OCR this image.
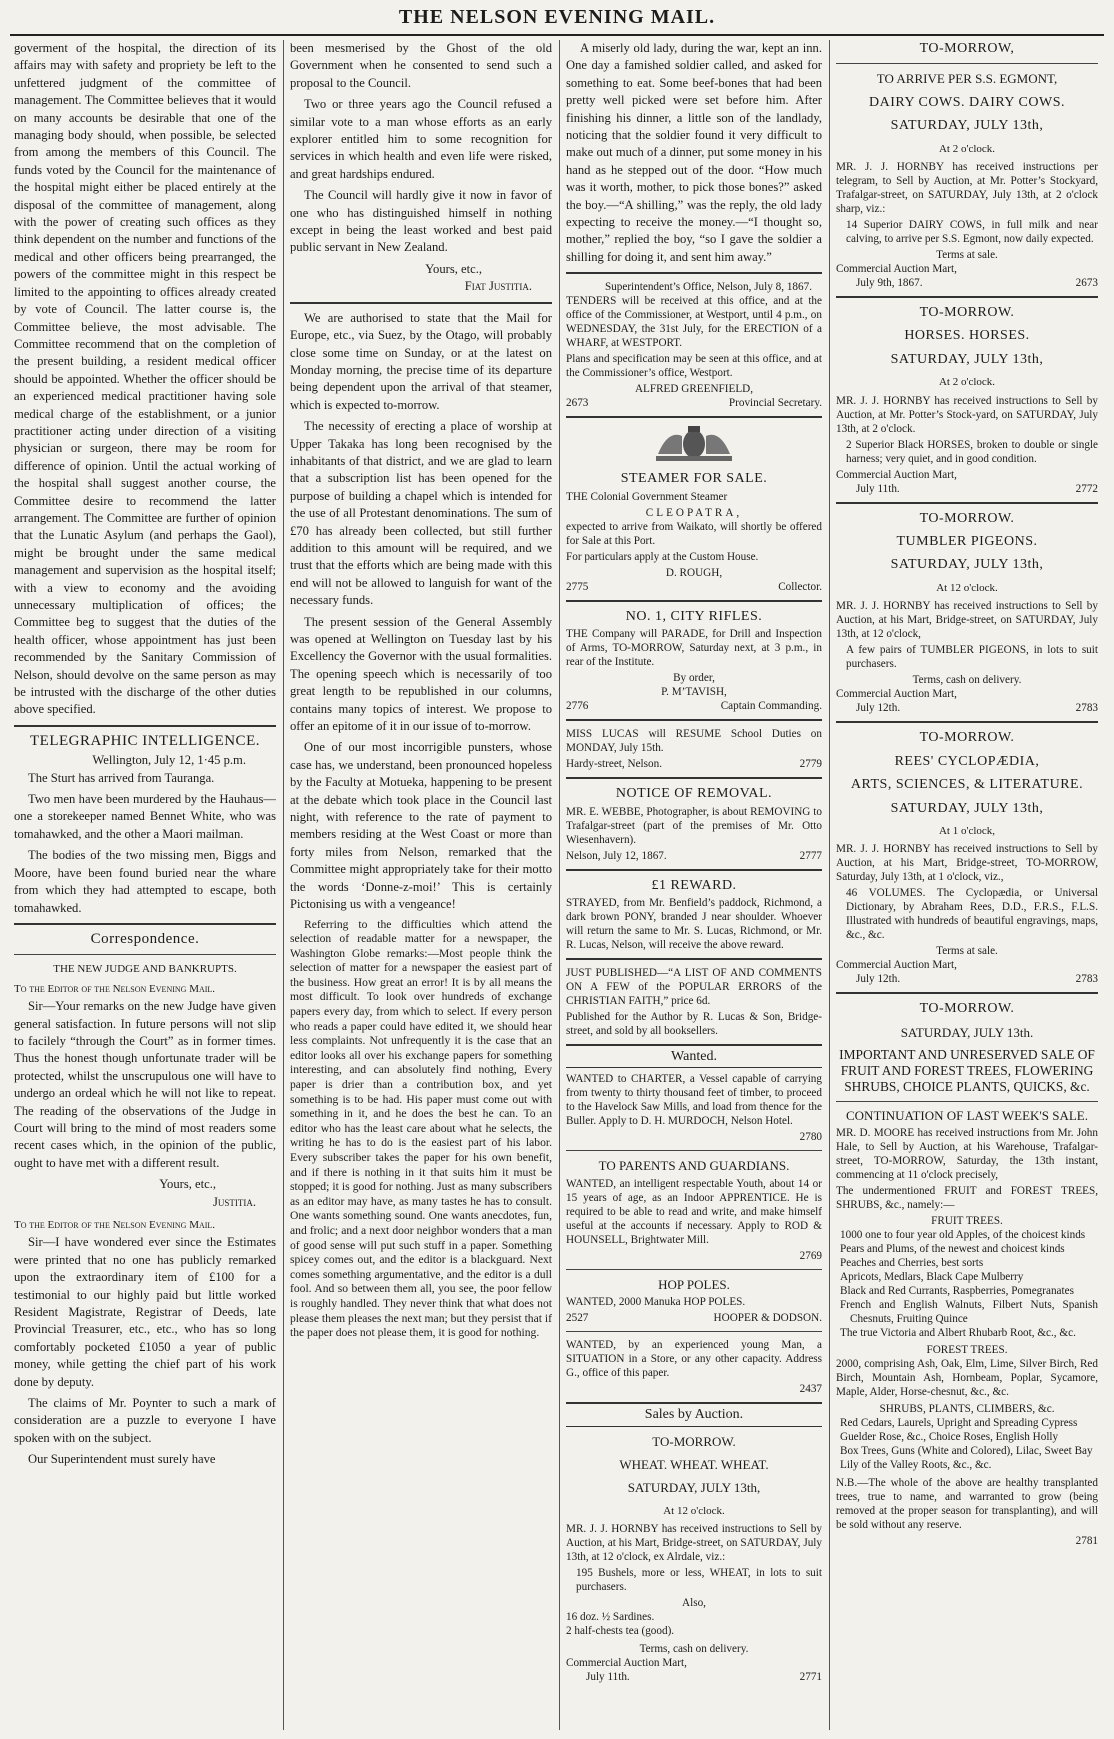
THE NELSON EVENING MAIL.

goverment of the hospital, the direction of its affairs may with safety and propriety be left to the unfettered judgment of the committee of management. The Committee believes that it would on many accounts be desirable that one of the managing body should, when possible, be selected from among the members of this Council. The funds voted by the Council for the maintenance of the hospital might either be placed entirely at the disposal of the committee of management, along with the power of creating such offices as they think dependent on the number and functions of the medical and other officers being prearranged, the powers of the committee might in this respect be limited to the appointing to offices already created by vote of Council. The latter course is, the Committee believe, the most advisable. The Committee recommend that on the completion of the present building, a resident medical officer should be appointed. Whether the officer should be an experienced medical practitioner having sole medical charge of the establishment, or a junior practitioner acting under direction of a visiting physician or surgeon, there may be room for difference of opinion. Until the actual working of the hospital shall suggest another course, the Committee desire to recommend the latter arrangement. The Committee are further of opinion that the Lunatic Asylum (and perhaps the Gaol), might be brought under the same medical management and supervision as the hospital itself; with a view to economy and the avoiding unnecessary multiplication of offices; the Committee beg to suggest that the duties of the health officer, whose appointment has just been recommended by the Sanitary Commission of Nelson, should devolve on the same person as may be intrusted with the discharge of the other duties above specified.

TELEGRAPHIC INTELLIGENCE.
Wellington, July 12, 1·45 p.m.

The Sturt has arrived from Tauranga.

Two men have been murdered by the Hauhaus—one a storekeeper named Bennet White, who was tomahawked, and the other a Maori mailman.

The bodies of the two missing men, Biggs and Moore, have been found buried near the whare from which they had attempted to escape, both tomahawked.

Correspondence.
THE NEW JUDGE AND BANKRUPTS.
To the Editor of the Nelson Evening Mail.

Sir—Your remarks on the new Judge have given general satisfaction. In future persons will not slip to facilely “through the Court” as in former times. Thus the honest though unfortunate trader will be protected, whilst the unscrupulous one will have to undergo an ordeal which he will not like to repeat. The reading of the observations of the Judge in Court will bring to the mind of most readers some recent cases which, in the opinion of the public, ought to have met with a different result.

Yours, etc.,
Justitia.
To the Editor of the Nelson Evening Mail.

Sir—I have wondered ever since the Estimates were printed that no one has publicly remarked upon the extraordinary item of £100 for a testimonial to our highly paid but little worked Resident Magistrate, Registrar of Deeds, late Provincial Treasurer, etc., etc., who has so long comfortably pocketed £1050 a year of public money, while getting the chief part of his work done by deputy.

The claims of Mr. Poynter to such a mark of consideration are a puzzle to everyone I have spoken with on the subject.

Our Superintendent must surely have

been mesmerised by the Ghost of the old Government when he consented to send such a proposal to the Council.

Two or three years ago the Council refused a similar vote to a man whose efforts as an early explorer entitled him to some recognition for services in which health and even life were risked, and great hardships endured.

The Council will hardly give it now in favor of one who has distinguished himself in nothing except in being the least worked and best paid public servant in New Zealand.

Yours, etc.,
Fiat Justitia.

We are authorised to state that the Mail for Europe, etc., via Suez, by the Otago, will probably close some time on Sunday, or at the latest on Monday morning, the precise time of its departure being dependent upon the arrival of that steamer, which is expected to-morrow.

The necessity of erecting a place of worship at Upper Takaka has long been recognised by the inhabitants of that district, and we are glad to learn that a subscription list has been opened for the purpose of building a chapel which is intended for the use of all Protestant denominations. The sum of £70 has already been collected, but still further addition to this amount will be required, and we trust that the efforts which are being made with this end will not be allowed to languish for want of the necessary funds.

The present session of the General Assembly was opened at Wellington on Tuesday last by his Excellency the Governor with the usual formalities. The opening speech which is necessarily of too great length to be republished in our columns, contains many topics of interest. We propose to offer an epitome of it in our issue of to-morrow.

One of our most incorrigible punsters, whose case has, we understand, been pronounced hopeless by the Faculty at Motueka, happening to be present at the debate which took place in the Council last night, with reference to the rate of payment to members residing at the West Coast or more than forty miles from Nelson, remarked that the Committee might appropriately take for their motto the words ‘Donne-z-moi!’ This is certainly Pictonising us with a vengeance!

Referring to the difficulties which attend the selection of readable matter for a newspaper, the Washington Globe remarks:—Most people think the selection of matter for a newspaper the easiest part of the business. How great an error! It is by all means the most difficult. To look over hundreds of exchange papers every day, from which to select. If every person who reads a paper could have edited it, we should hear less complaints. Not unfrequently it is the case that an editor looks all over his exchange papers for something interesting, and can absolutely find nothing, Every paper is drier than a contribution box, and yet something is to be had. His paper must come out with something in it, and he does the best he can. To an editor who has the least care about what he selects, the writing he has to do is the easiest part of his labor. Every subscriber takes the paper for his own benefit, and if there is nothing in it that suits him it must be stopped; it is good for nothing. Just as many subscribers as an editor may have, as many tastes he has to consult. One wants something sound. One wants anecdotes, fun, and frolic; and a next door neighbor wonders that a man of good sense will put such stuff in a paper. Something spicey comes out, and the editor is a blackguard. Next comes something argumentative, and the editor is a dull fool. And so between them all, you see, the poor fellow is roughly handled. They never think that what does not please them pleases the next man; but they persist that if the paper does not please them, it is good for nothing.

A miserly old lady, during the war, kept an inn. One day a famished soldier called, and asked for something to eat. Some beef-bones that had been pretty well picked were set before him. After finishing his dinner, a little son of the landlady, noticing that the soldier found it very difficult to make out much of a dinner, put some money in his hand as he stepped out of the door. “How much was it worth, mother, to pick those bones?” asked the boy.—“A shilling,” was the reply, the old lady expecting to receive the money.—“I thought so, mother,” replied the boy, “so I gave the soldier a shilling for doing it, and sent him away.”

Superintendent’s Office, Nelson, July 8, 1867.

TENDERS will be received at this office, and at the office of the Commissioner, at Westport, until 4 p.m., on WEDNESDAY, the 31st July, for the ERECTION of a WHARF, at WESTPORT.

Plans and specification may be seen at this office, and at the Commissioner’s office, Westport.

ALFRED GREENFIELD,
2673	Provincial Secretary.
STEAMER FOR SALE.

THE Colonial Government Steamer

CLEOPATRA,

expected to arrive from Waikato, will shortly be offered for Sale at this Port.

For particulars apply at the Custom House.

D. ROUGH,
2775	Collector.
NO. 1, CITY RIFLES.

THE Company will PARADE, for Drill and Inspection of Arms, TO-MORROW, Saturday next, at 3 p.m., in rear of the Institute.

By order,
P. M’TAVISH,
2776	Captain Commanding.

MISS LUCAS will RESUME School Duties on MONDAY, July 15th.

Hardy-street, Nelson.	2779
NOTICE OF REMOVAL.

MR. E. WEBBE, Photographer, is about REMOVING to Trafalgar-street (part of the premises of Mr. Otto Wiesenhavern).

Nelson, July 12, 1867.	2777
£1 REWARD.

STRAYED, from Mr. Benfield’s paddock, Richmond, a dark brown PONY, branded J near shoulder. Whoever will return the same to Mr. S. Lucas, Richmond, or Mr. R. Lucas, Nelson, will receive the above reward.

JUST PUBLISHED—“A LIST OF AND COMMENTS ON A FEW of the POPULAR ERRORS of the CHRISTIAN FAITH,” price 6d.

Published for the Author by R. Lucas & Son, Bridge-street, and sold by all booksellers.

Wanted.

WANTED to CHARTER, a Vessel capable of carrying from twenty to thirty thousand feet of timber, to proceed to the Havelock Saw Mills, and load from thence for the Buller. Apply to D. H. MURDOCH, Nelson Hotel.

2780
TO PARENTS AND GUARDIANS.

WANTED, an intelligent respectable Youth, about 14 or 15 years of age, as an Indoor APPRENTICE. He is required to be able to read and write, and make himself useful at the accounts if necessary. Apply to ROD & HOUNSELL, Brightwater Mill.

2769
HOP POLES.

WANTED, 2000 Manuka HOP POLES.

2527	HOOPER & DODSON.

WANTED, by an experienced young Man, a SITUATION in a Store, or any other capacity. Address G., office of this paper.

2437
Sales by Auction.
TO-MORROW.
WHEAT. WHEAT. WHEAT.
SATURDAY, JULY 13th,
At 12 o'clock.

MR. J. J. HORNBY has received instructions to Sell by Auction, at his Mart, Bridge-street, on SATURDAY, July 13th, at 12 o'clock, ex Alrdale, viz.:

195 Bushels, more or less, WHEAT, in lots to suit purchasers.

Also,
16 doz. ½ Sardines.
2 half-chests tea (good).
Terms, cash on delivery.
Commercial Auction Mart,
July 11th.	2771
TO-MORROW,
TO ARRIVE PER S.S. EGMONT,
DAIRY COWS. DAIRY COWS.
SATURDAY, JULY 13th,
At 2 o'clock.

MR. J. J. HORNBY has received instructions per telegram, to Sell by Auction, at Mr. Potter’s Stockyard, Trafalgar-street, on SATURDAY, July 13th, at 2 o'clock sharp, viz.:

14 Superior DAIRY COWS, in full milk and near calving, to arrive per S.S. Egmont, now daily expected.

Terms at sale.
Commercial Auction Mart,
July 9th, 1867.	2673
TO-MORROW.
HORSES. HORSES.
SATURDAY, JULY 13th,
At 2 o'clock.

MR. J. J. HORNBY has received instructions to Sell by Auction, at Mr. Potter’s Stock-yard, on SATURDAY, July 13th, at 2 o'clock.

2 Superior Black HORSES, broken to double or single harness; very quiet, and in good condition.

Commercial Auction Mart,
July 11th.	2772
TO-MORROW.
TUMBLER PIGEONS.
SATURDAY, JULY 13th,
At 12 o'clock.

MR. J. J. HORNBY has received instructions to Sell by Auction, at his Mart, Bridge-street, on SATURDAY, July 13th, at 12 o'clock,

A few pairs of TUMBLER PIGEONS, in lots to suit purchasers.

Terms, cash on delivery.
Commercial Auction Mart,
July 12th.	2783
TO-MORROW.
REES' CYCLOPÆDIA,
ARTS, SCIENCES, & LITERATURE.
SATURDAY, JULY 13th,
At 1 o'clock,

MR. J. J. HORNBY has received instructions to Sell by Auction, at his Mart, Bridge-street, TO-MORROW, Saturday, July 13th, at 1 o'clock, viz.,

46 VOLUMES. The Cyclopædia, or Universal Dictionary, by Abraham Rees, D.D., F.R.S., F.L.S. Illustrated with hundreds of beautiful engravings, maps, &c., &c.

Terms at sale.
Commercial Auction Mart,
July 12th.	2783
TO-MORROW.
SATURDAY, JULY 13th.
IMPORTANT AND UNRESERVED SALE OF FRUIT AND FOREST TREES, FLOWERING SHRUBS, CHOICE PLANTS, QUICKS, &c.
CONTINUATION OF LAST WEEK'S SALE.

MR. D. MOORE has received instructions from Mr. John Hale, to Sell by Auction, at his Warehouse, Trafalgar-street, TO-MORROW, Saturday, the 13th instant, commencing at 11 o'clock precisely,

The undermentioned FRUIT and FOREST TREES, SHRUBS, &c., namely:—

FRUIT TREES.
1000 one to four year old Apples, of the choicest kinds
Pears and Plums, of the newest and choicest kinds
Peaches and Cherries, best sorts
Apricots, Medlars, Black Cape Mulberry
Black and Red Currants, Raspberries, Pomegranates
French and English Walnuts, Filbert Nuts, Spanish Chesnuts, Fruiting Quince
The true Victoria and Albert Rhubarb Root, &c., &c.
FOREST TREES.

2000, comprising Ash, Oak, Elm, Lime, Silver Birch, Red Birch, Mountain Ash, Hornbeam, Poplar, Sycamore, Maple, Alder, Horse-chesnut, &c., &c.

SHRUBS, PLANTS, CLIMBERS, &c.
Red Cedars, Laurels, Upright and Spreading Cypress
Guelder Rose, &c., Choice Roses, English Holly
Box Trees, Guns (White and Colored), Lilac, Sweet Bay
Lily of the Valley Roots, &c., &c.

N.B.—The whole of the above are healthy transplanted trees, true to name, and warranted to grow (being removed at the proper season for transplanting), and will be sold without any reserve.

2781
